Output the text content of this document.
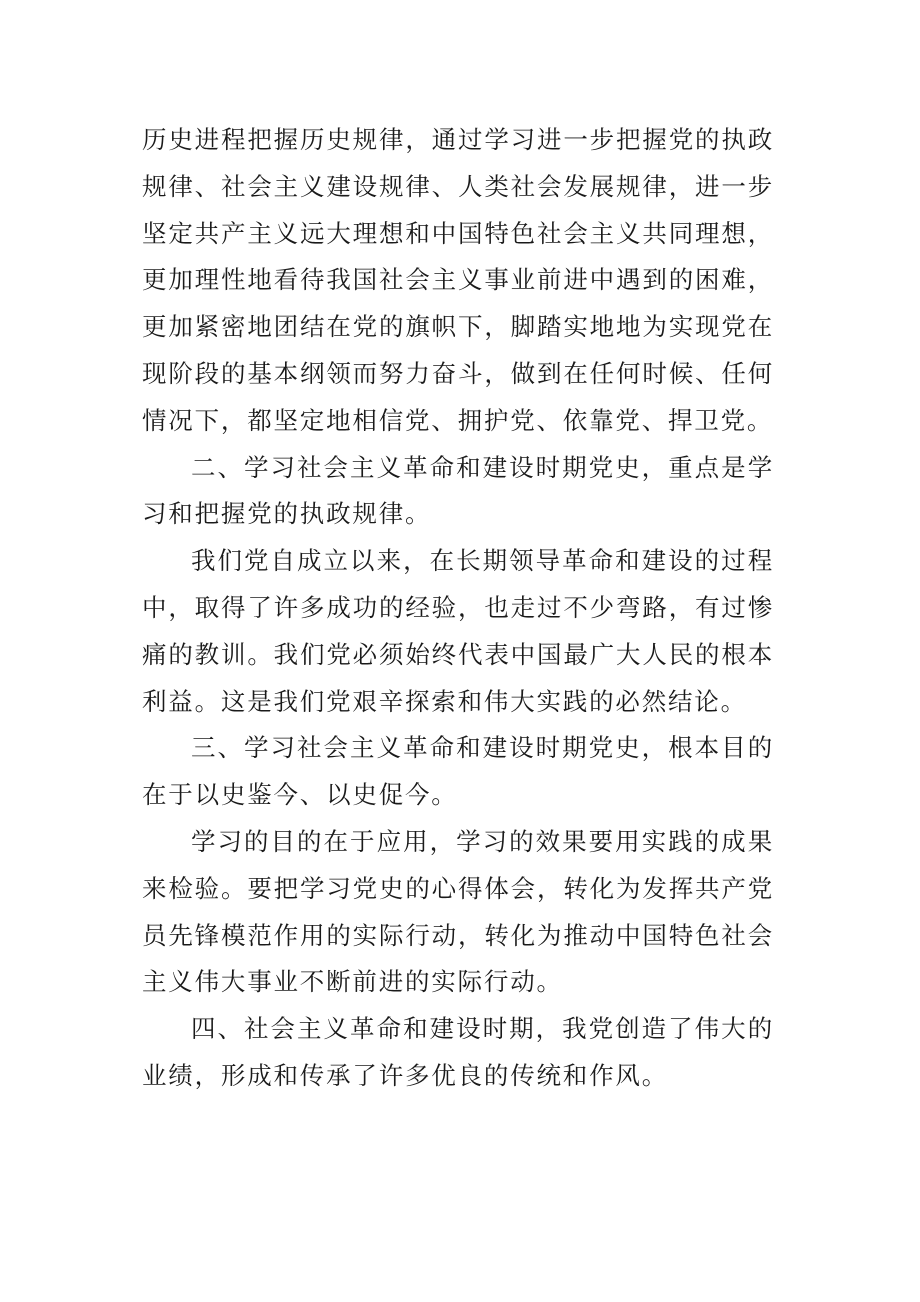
历史进程把握历史规律，通过学习进一步把握党的执政规律、社会主义建设规律、人类社会发展规律，进一步坚定共产主义远大理想和中国特色社会主义共同理想，更加理性地看待我国社会主义事业前进中遇到的困难，更加紧密地团结在党的旗帜下，脚踏实地地为实现党在现阶段的基本纲领而努力奋斗，做到在任何时候、任何情况下，都坚定地相信党、拥护党、依靠党、捍卫党。

二、学习社会主义革命和建设时期党史，重点是学习和把握党的执政规律。

我们党自成立以来，在长期领导革命和建设的过程中，取得了许多成功的经验，也走过不少弯路，有过惨痛的教训。我们党必须始终代表中国最广大人民的根本利益。这是我们党艰辛探索和伟大实践的必然结论。

三、学习社会主义革命和建设时期党史，根本目的在于以史鉴今、以史促今。

学习的目的在于应用，学习的效果要用实践的成果来检验。要把学习党史的心得体会，转化为发挥共产党员先锋模范作用的实际行动，转化为推动中国特色社会主义伟大事业不断前进的实际行动。

四、社会主义革命和建设时期，我党创造了伟大的业绩，形成和传承了许多优良的传统和作风。
